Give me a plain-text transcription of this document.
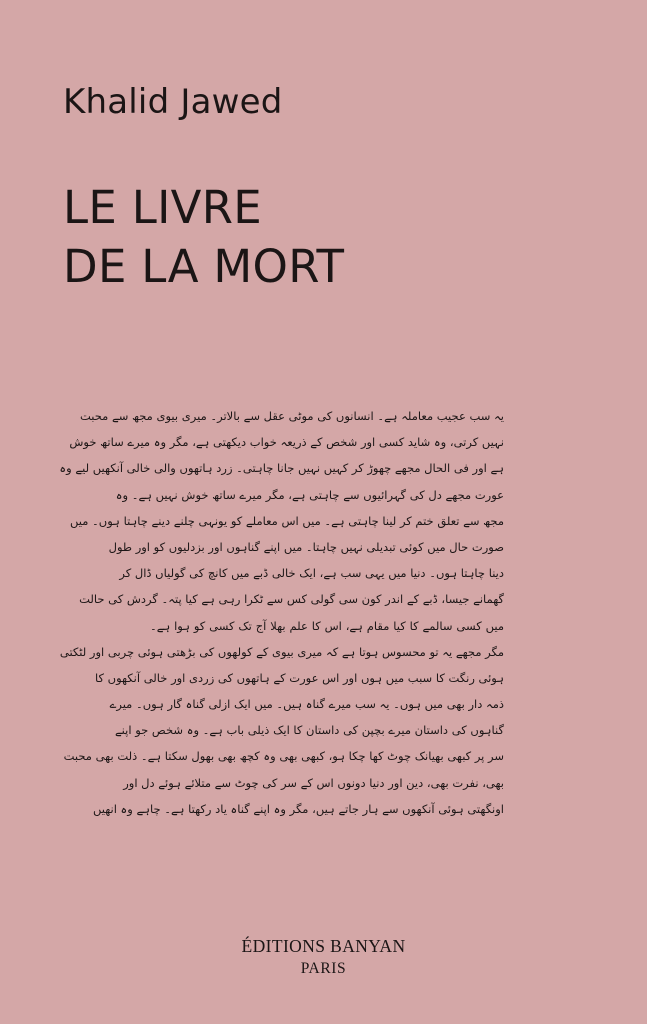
Khalid Jawed
LE LIVRE
DE LA MORT
یہ سب عجیب معاملہ ہے۔ انسانوں کی موٹی عقل سے بالاتر۔ میری بیوی مجھ سے محبت
نہیں کرتی، وہ شاید کسی اور شخص کے ذریعہ خواب دیکھتی ہے، مگر وہ میرے ساتھ خوش
ہے اور فی الحال مجھے چھوڑ کر کہیں نہیں جانا چاہتی۔ زرد ہاتھوں والی خالی آنکھیں لیے وہ
عورت مجھے دل کی گہرائیوں سے چاہتی ہے، مگر میرے ساتھ خوش نہیں ہے۔ وہ
مجھ سے تعلق ختم کر لینا چاہتی ہے۔ میں اس معاملے کو یونہی چلنے دینے چاہتا ہوں۔ میں
صورت حال میں کوئی تبدیلی نہیں چاہتا۔ میں اپنے گناہوں اور بزدلیوں کو اور طول
دینا چاہتا ہوں۔ دنیا میں یہی سب ہے، ایک خالی ڈبے میں کانچ کی گولیاں ڈال کر
گھمانے جیسا، ڈبے کے اندر کون سی گولی کس سے ٹکرا رہی ہے کیا پتہ۔ گردش کی حالت
میں کسی سالمے کا کیا مقام ہے، اس کا علم بھلا آج تک کسی کو ہوا ہے۔
مگر مجھے یہ تو محسوس ہوتا ہے کہ میری بیوی کے کولھوں کی بڑھتی ہوئی چربی اور لٹکتی
ہوئی رنگت کا سبب میں ہوں اور اس عورت کے ہاتھوں کی زردی اور خالی آنکھوں کا
ذمہ دار بھی میں ہوں۔ یہ سب میرے گناہ ہیں۔ میں ایک ازلی گناہ گار ہوں۔ میرے
گناہوں کی داستان میرے بچپن کی داستان کا ایک ذیلی باب ہے۔ وہ شخص جو اپنے
سر پر کبھی بھیانک چوٹ کھا چکا ہو، کبھی بھی وہ کچھ بھی بھول سکتا ہے۔ ذلت بھی محبت
بھی، نفرت بھی، دین اور دنیا دونوں اس کے سر کی چوٹ سے متلائے ہوئے دل اور
اونگھتی ہوئی آنکھوں سے ہار جاتے ہیں، مگر وہ اپنے گناہ یاد رکھتا ہے۔ چاہے وہ انھیں
ÉDITIONS BANYAN
PARIS
